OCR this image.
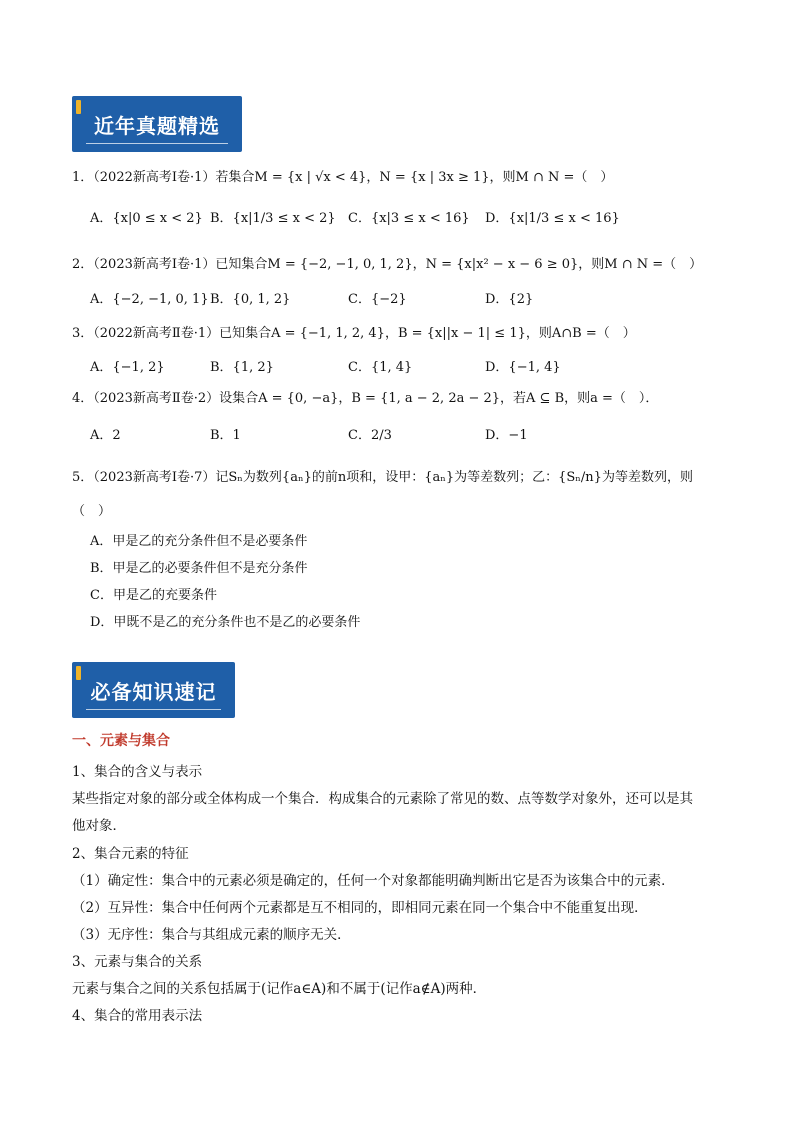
近年真题精选
1．（2022新高考Ⅰ卷·1）若集合M = {x | √x < 4}，N = {x | 3x ≥ 1}，则M ∩ N =（　）
A．{x|0 ≤ x < 2} B．{x|1/3 ≤ x < 2} C．{x|3 ≤ x < 16} D．{x|1/3 ≤ x < 16}
2．（2023新高考Ⅰ卷·1）已知集合M = {−2, −1, 0, 1, 2}，N = {x|x² − x − 6 ≥ 0}，则M ∩ N =（　）
A．{−2, −1, 0, 1} B．{0, 1, 2}	C．{−2}	D．{2}
3．（2022新高考Ⅱ卷·1）已知集合A = {−1, 1, 2, 4}，B = {x||x − 1| ≤ 1}，则A∩B =（　）
A．{−1, 2}	B．{1, 2}	C．{1, 4}	D．{−1, 4}
4．（2023新高考Ⅱ卷·2）设集合A = {0, −a}，B = {1, a − 2, 2a − 2}，若A ⊆ B，则a =（　）．
A．2	B．1	C．2/3	D．−1
5．（2023新高考Ⅰ卷·7）记Sₙ为数列{aₙ}的前n项和，设甲：{aₙ}为等差数列；乙：{Sₙ/n}为等差数列，则
（　）
A．甲是乙的充分条件但不是必要条件
B．甲是乙的必要条件但不是充分条件
C．甲是乙的充要条件
D．甲既不是乙的充分条件也不是乙的必要条件
必备知识速记
一、元素与集合
1、集合的含义与表示
某些指定对象的部分或全体构成一个集合．构成集合的元素除了常见的数、点等数学对象外，还可以是其
他对象．
2、集合元素的特征
（1）确定性：集合中的元素必须是确定的，任何一个对象都能明确判断出它是否为该集合中的元素．
（2）互异性：集合中任何两个元素都是互不相同的，即相同元素在同一个集合中不能重复出现．
（3）无序性：集合与其组成元素的顺序无关．
3、元素与集合的关系
元素与集合之间的关系包括属于(记作a∈A)和不属于(记作a∉A)两种．
4、集合的常用表示法
